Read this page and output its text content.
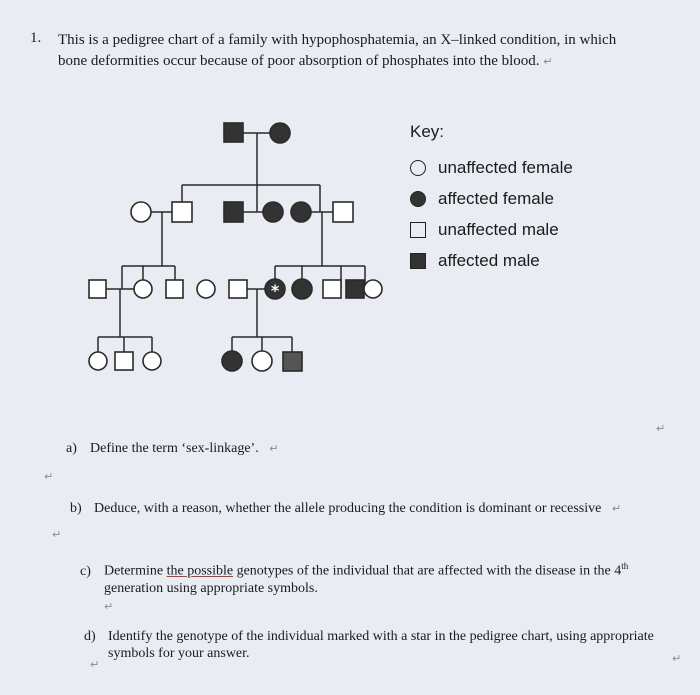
1. This is a pedigree chart of a family with hypophosphatemia, an X–linked condition, in which
bone deformities occur because of poor absorption of phosphates into the blood. ↵
*
Key:
unaffected female
affected female
unaffected male
affected male
a) Define the term ‘sex-linkage’. ↵
↵
b) Deduce, with a reason, whether the allele producing the condition is dominant or recessive ↵
↵
c) Determine the possible genotypes of the individual that are affected with the disease in the 4th
generation using appropriate symbols.
↵
d) Identify the genotype of the individual marked with a star in the pedigree chart, using appropriate
symbols for your answer.
↵
↵
↵
